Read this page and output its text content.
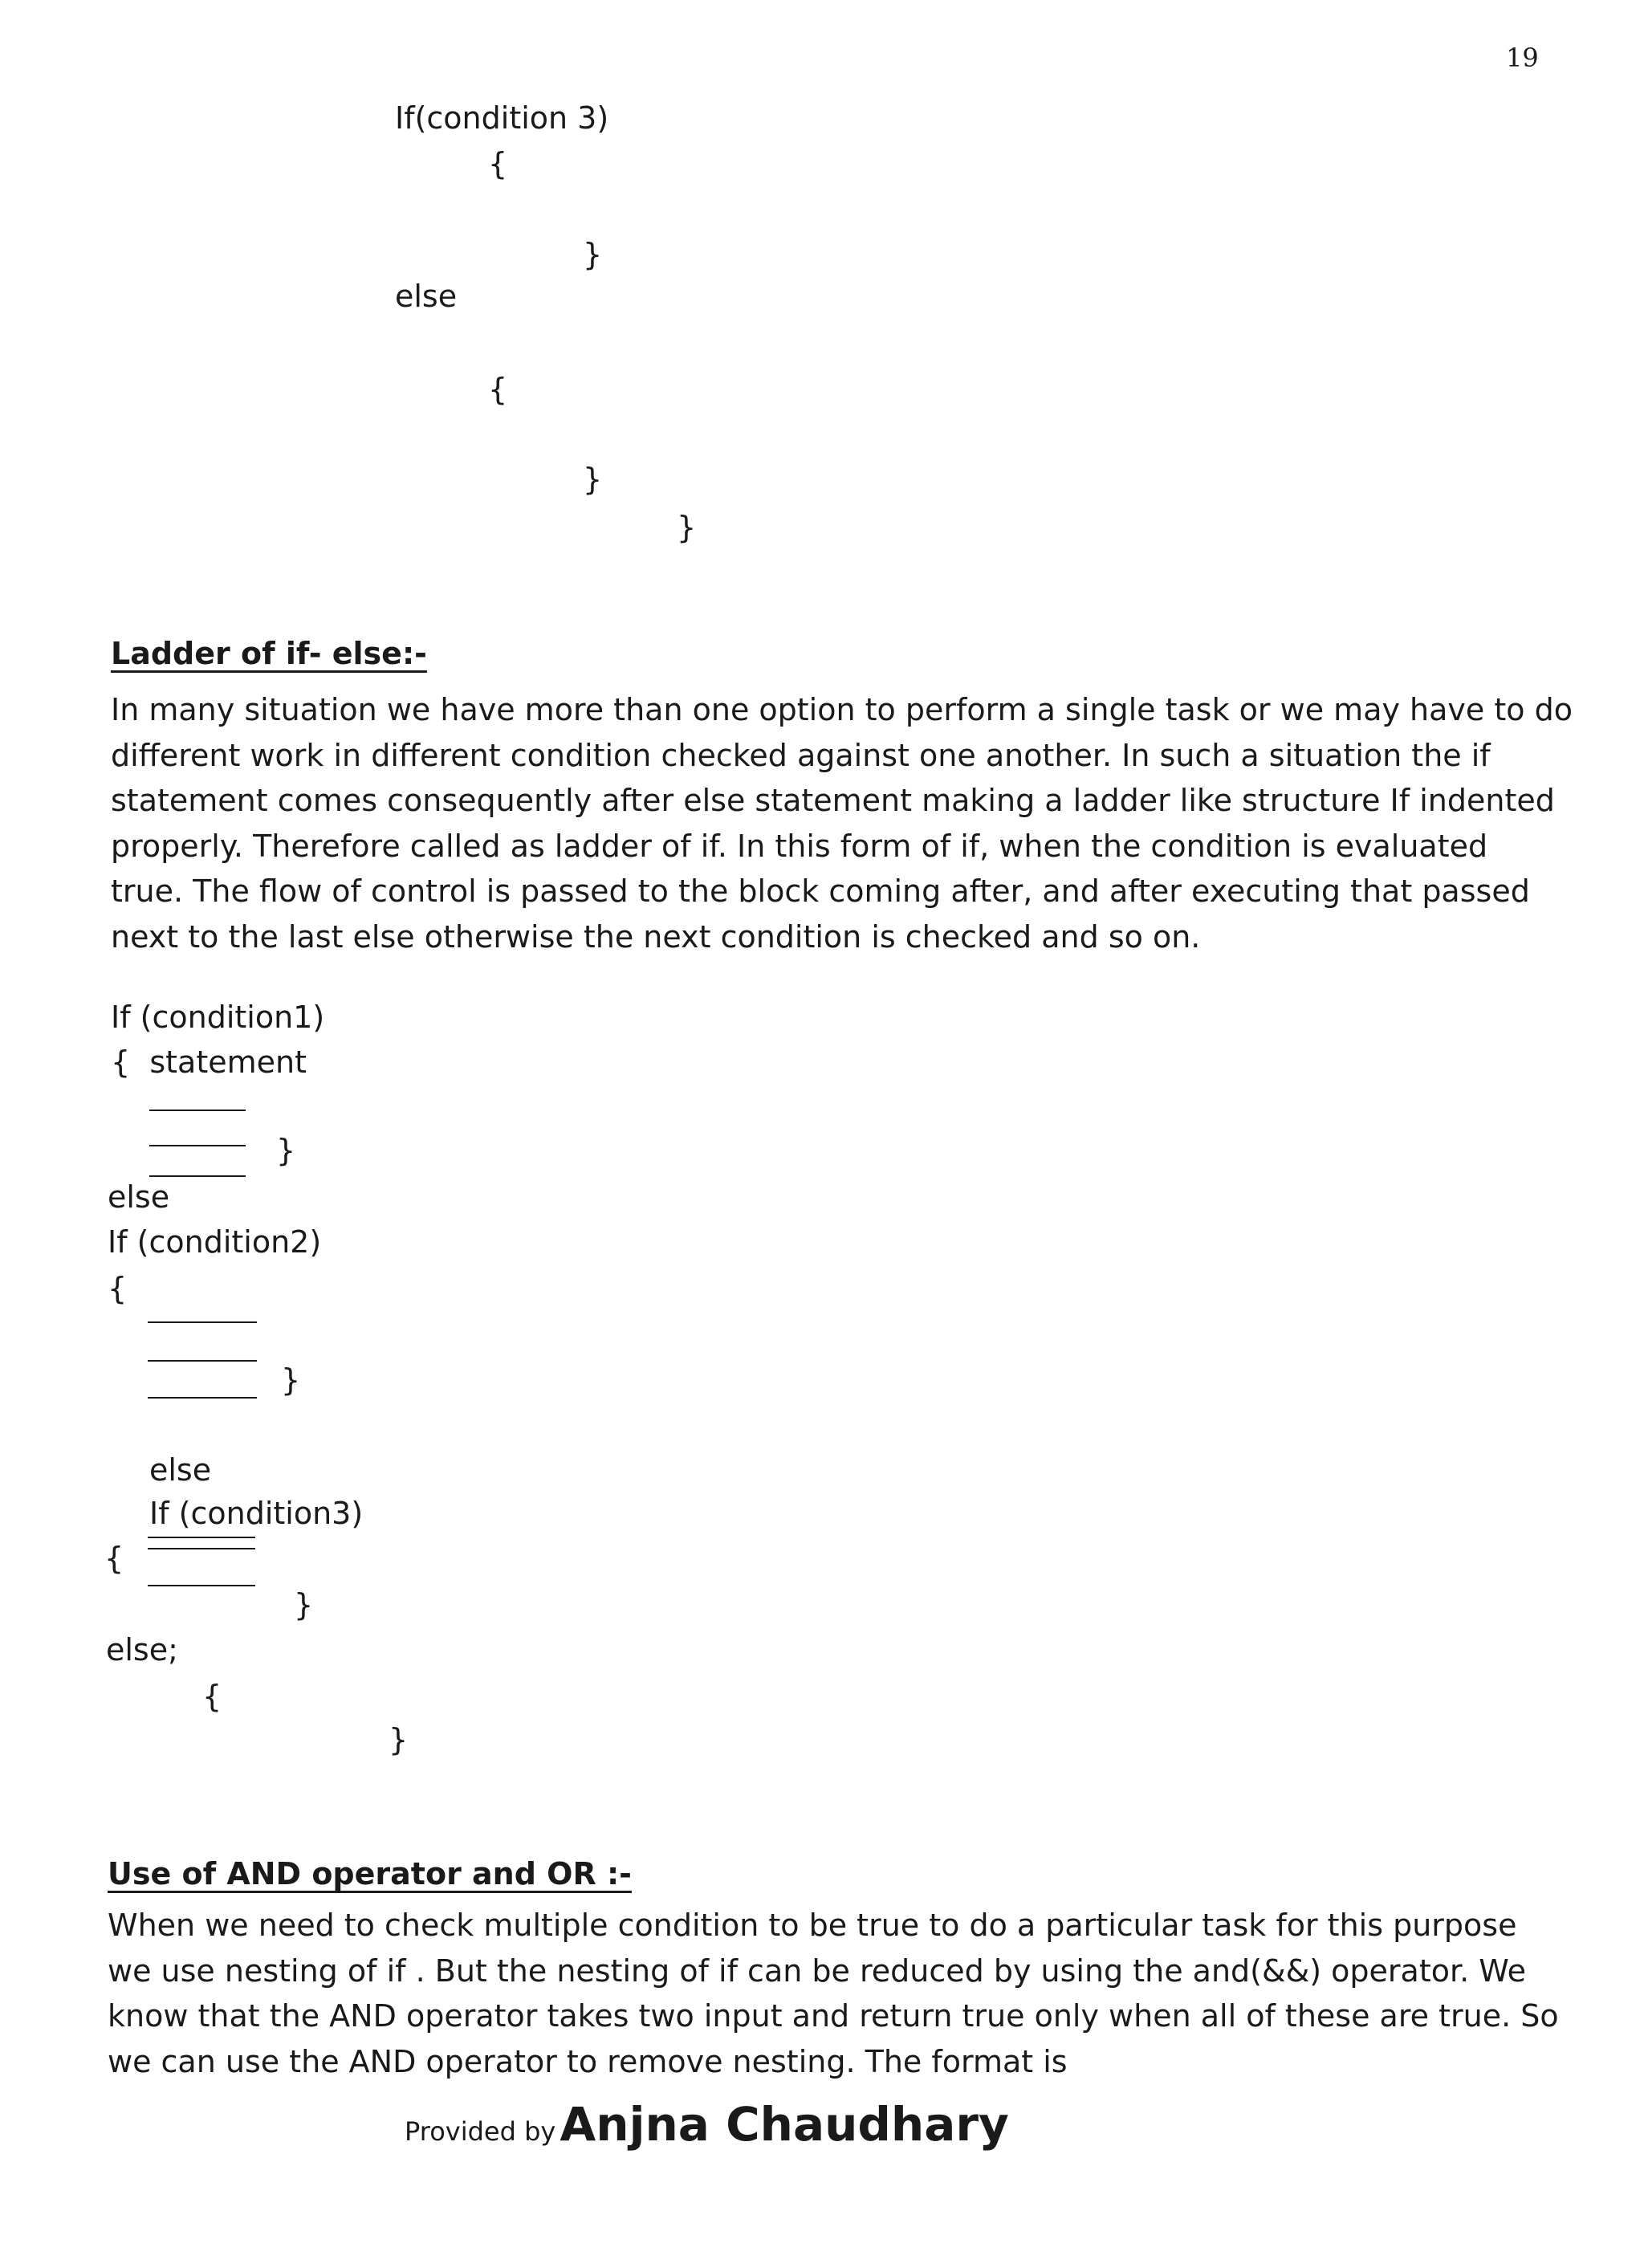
19
If(condition 3)
{
}
else
{
}
}
Ladder of if- else:-
In many situation we have more than one option to perform a single task or we may have to do
different work in different condition checked against one another. In such a situation the if
statement comes consequently after else statement making a ladder like structure If indented
properly. Therefore called as ladder of if. In this form of if, when the condition is evaluated
true. The flow of control is passed to the block coming after, and after executing that passed
next to the last else otherwise the next condition is checked and so on.
If (condition1)
{  statement
}
else
If (condition2)
{
}
else
If (condition3)
{
}
else;
{
}
Use of AND operator and OR :-
When we need to check multiple condition to be true to do a particular task for this purpose
we use nesting of if . But the nesting of if can be reduced by using the and(&&) operator. We
know that the AND operator takes two input and return true only when all of these are true. So
we can use the AND operator to remove nesting. The format is
Provided by Anjna Chaudhary
